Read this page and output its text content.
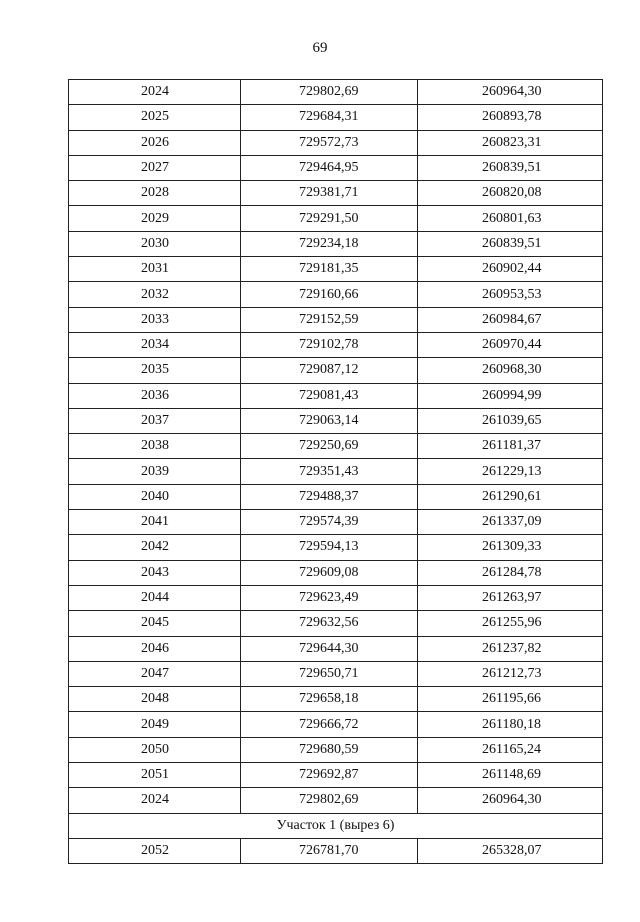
69
2024	729802,69	260964,30
2025	729684,31	260893,78
2026	729572,73	260823,31
2027	729464,95	260839,51
2028	729381,71	260820,08
2029	729291,50	260801,63
2030	729234,18	260839,51
2031	729181,35	260902,44
2032	729160,66	260953,53
2033	729152,59	260984,67
2034	729102,78	260970,44
2035	729087,12	260968,30
2036	729081,43	260994,99
2037	729063,14	261039,65
2038	729250,69	261181,37
2039	729351,43	261229,13
2040	729488,37	261290,61
2041	729574,39	261337,09
2042	729594,13	261309,33
2043	729609,08	261284,78
2044	729623,49	261263,97
2045	729632,56	261255,96
2046	729644,30	261237,82
2047	729650,71	261212,73
2048	729658,18	261195,66
2049	729666,72	261180,18
2050	729680,59	261165,24
2051	729692,87	261148,69
2024	729802,69	260964,30
Участок 1 (вырез 6)		
2052	726781,70	265328,07
